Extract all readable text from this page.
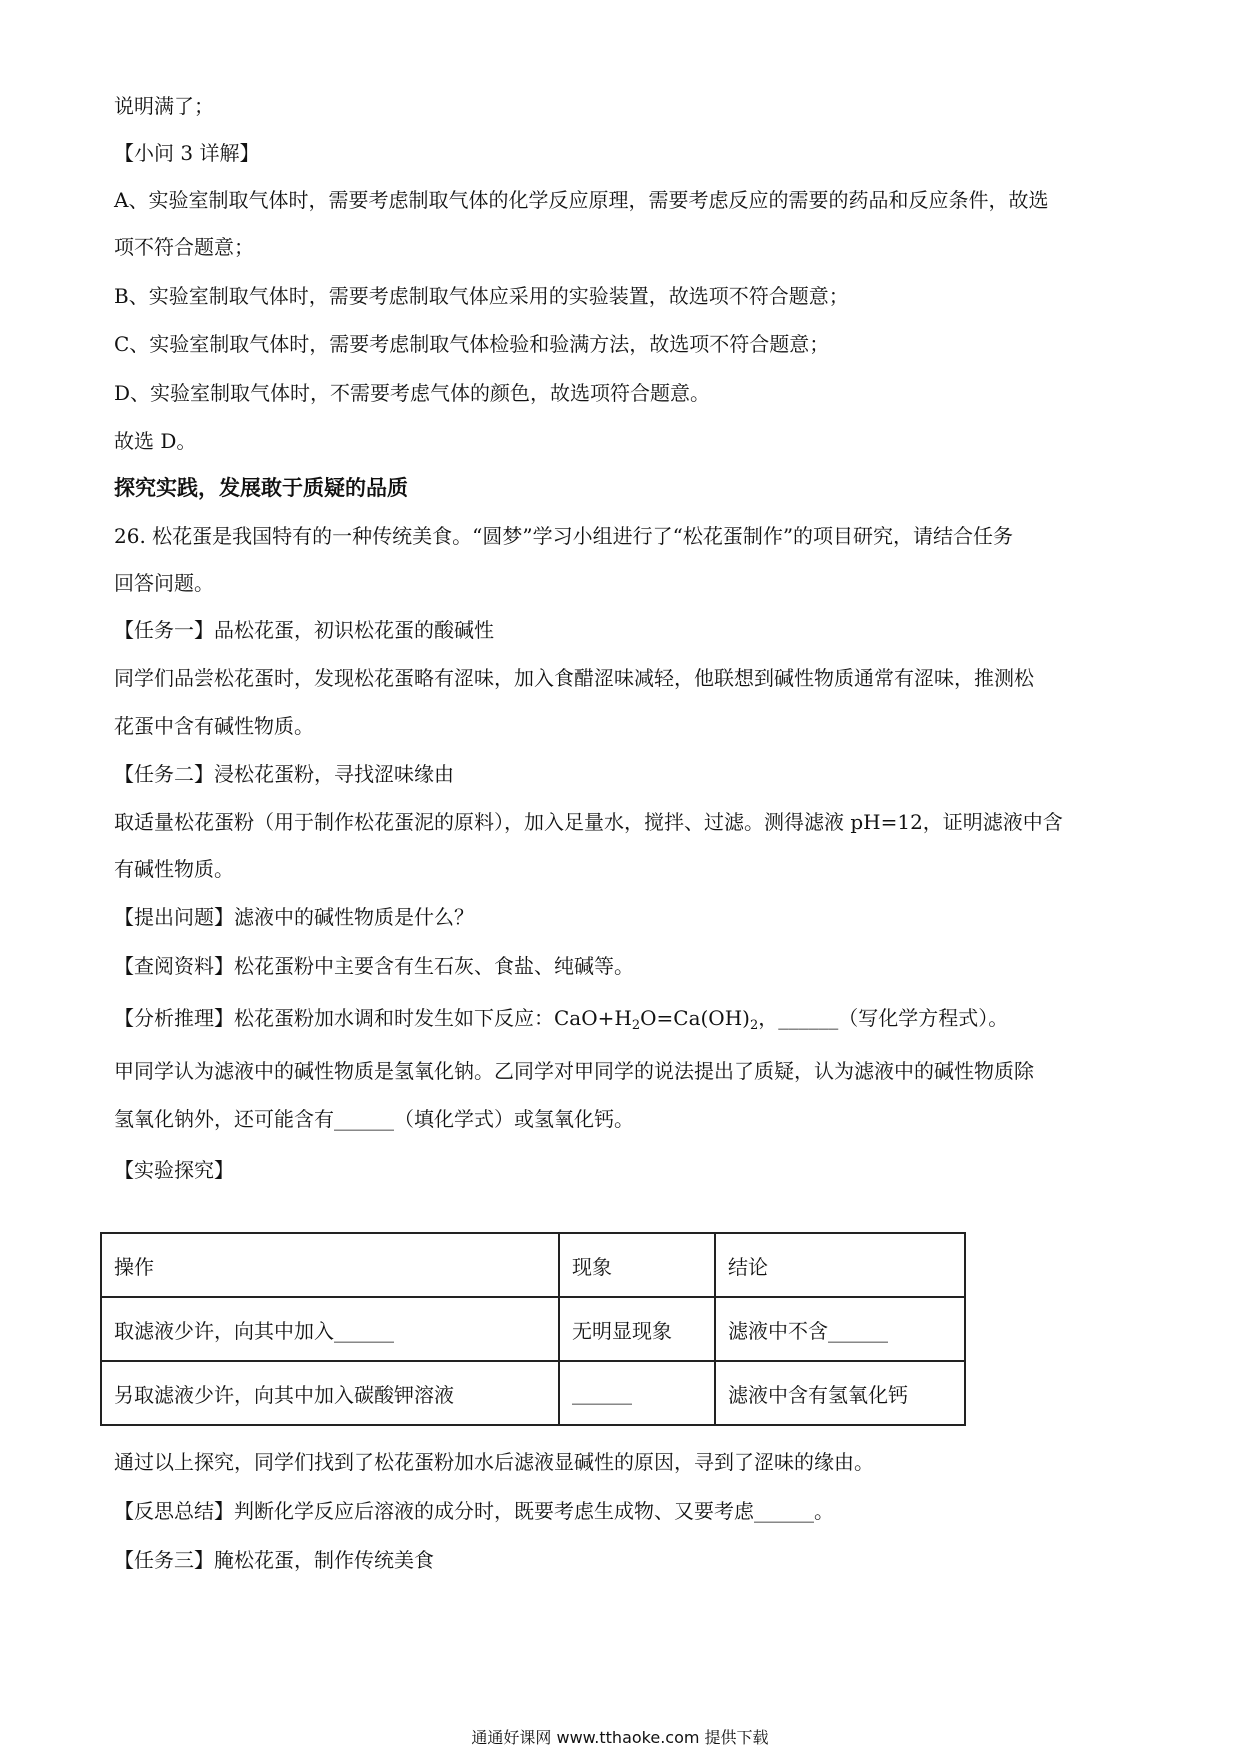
说明满了；
【小问 3 详解】
A、实验室制取气体时，需要考虑制取气体的化学反应原理，需要考虑反应的需要的药品和反应条件，故选
项不符合题意；
B、实验室制取气体时，需要考虑制取气体应采用的实验装置，故选项不符合题意；
C、实验室制取气体时，需要考虑制取气体检验和验满方法，故选项不符合题意；
D、实验室制取气体时，不需要考虑气体的颜色，故选项符合题意。
故选 D。
探究实践，发展敢于质疑的品质
26. 松花蛋是我国特有的一种传统美食。“圆梦”学习小组进行了“松花蛋制作”的项目研究，请结合任务
回答问题。
【任务一】品松花蛋，初识松花蛋的酸碱性
同学们品尝松花蛋时，发现松花蛋略有涩味，加入食醋涩味减轻，他联想到碱性物质通常有涩味，推测松
花蛋中含有碱性物质。
【任务二】浸松花蛋粉，寻找涩味缘由
取适量松花蛋粉（用于制作松花蛋泥的原料），加入足量水，搅拌、过滤。测得滤液 pH=12，证明滤液中含
有碱性物质。
【提出问题】滤液中的碱性物质是什么？
【查阅资料】松花蛋粉中主要含有生石灰、食盐、纯碱等。
【分析推理】松花蛋粉加水调和时发生如下反应：$CaO+H_2O=Ca(OH)_2$，______（写化学方程式）。
甲同学认为滤液中的碱性物质是氢氧化钠。乙同学对甲同学的说法提出了质疑，认为滤液中的碱性物质除
氢氧化钠外，还可能含有______（填化学式）或氢氧化钙。
【实验探究】
操作	现象	结论
取滤液少许，向其中加入______	无明显现象	滤液中不含______
另取滤液少许，向其中加入碳酸钾溶液	______	滤液中含有氢氧化钙
通过以上探究，同学们找到了松花蛋粉加水后滤液显碱性的原因，寻到了涩味的缘由。
【反思总结】判断化学反应后溶液的成分时，既要考虑生成物、又要考虑______。
【任务三】腌松花蛋，制作传统美食
通通好课网 www.tthaoke.com 提供下载
